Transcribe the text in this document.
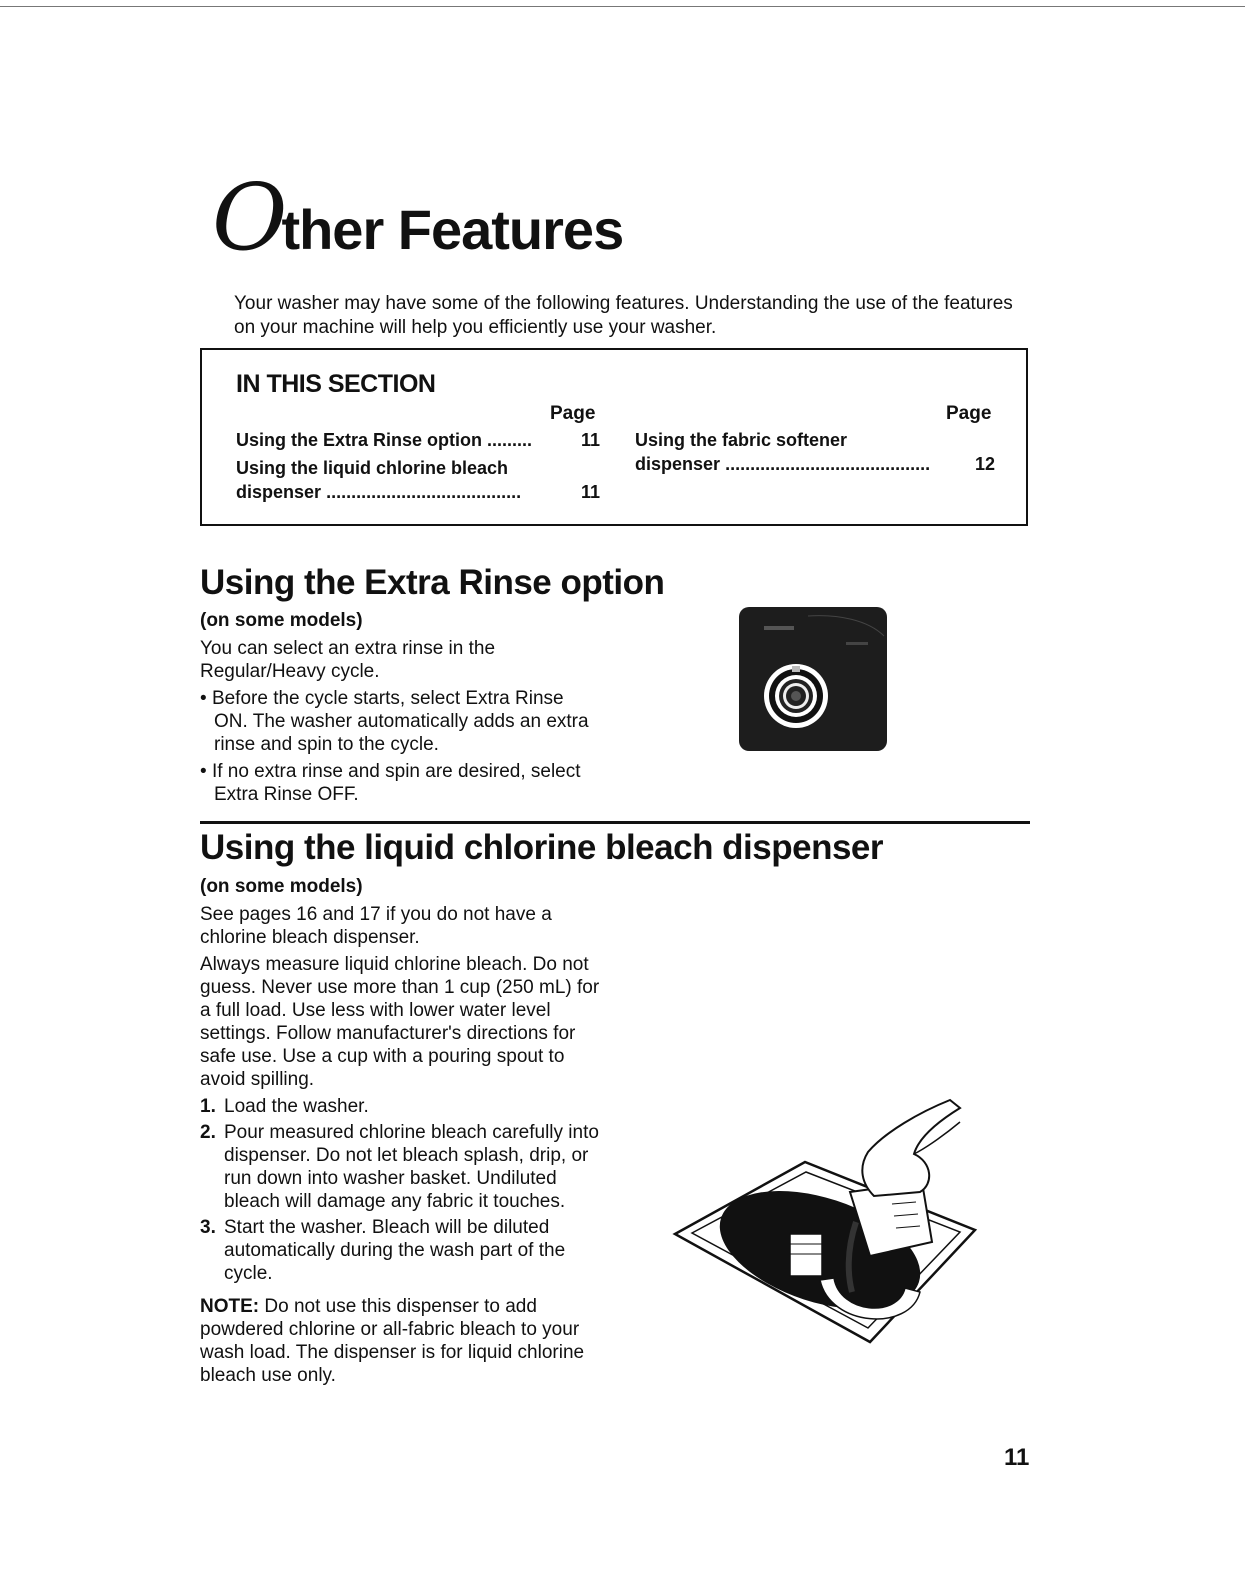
Other Features
Your washer may have some of the following features. Understanding the use of the features on your machine will help you efficiently use your washer.
IN THIS SECTION
Page	Page
Using the Extra Rinse option .........	11
Using the liquid chlorine bleach
dispenser .......................................	11
Using the fabric softener
dispenser ......................................... 12
Using the Extra Rinse option
(on some models)

You can select an extra rinse in the Regular/Heavy cycle.

• Before the cycle starts, select Extra Rinse ON. The washer automatically adds an extra rinse and spin to the cycle.

• If no extra rinse and spin are desired, select Extra Rinse OFF.

Using the liquid chlorine bleach dispenser
(on some models)

See pages 16 and 17 if you do not have a chlorine bleach dispenser.

Always measure liquid chlorine bleach. Do not guess. Never use more than 1 cup (250 mL) for a full load. Use less with lower water level settings. Follow manufacturer's directions for safe use. Use a cup with a pouring spout to avoid spilling.

1. Load the washer.
2. Pour measured chlorine bleach carefully into dispenser. Do not let bleach splash, drip, or run down into washer basket. Undiluted bleach will damage any fabric it touches.
3. Start the washer. Bleach will be diluted automatically during the wash part of the cycle.

NOTE: Do not use this dispenser to add powdered chlorine or all-fabric bleach to your wash load. The dispenser is for liquid chlorine bleach use only.

11
